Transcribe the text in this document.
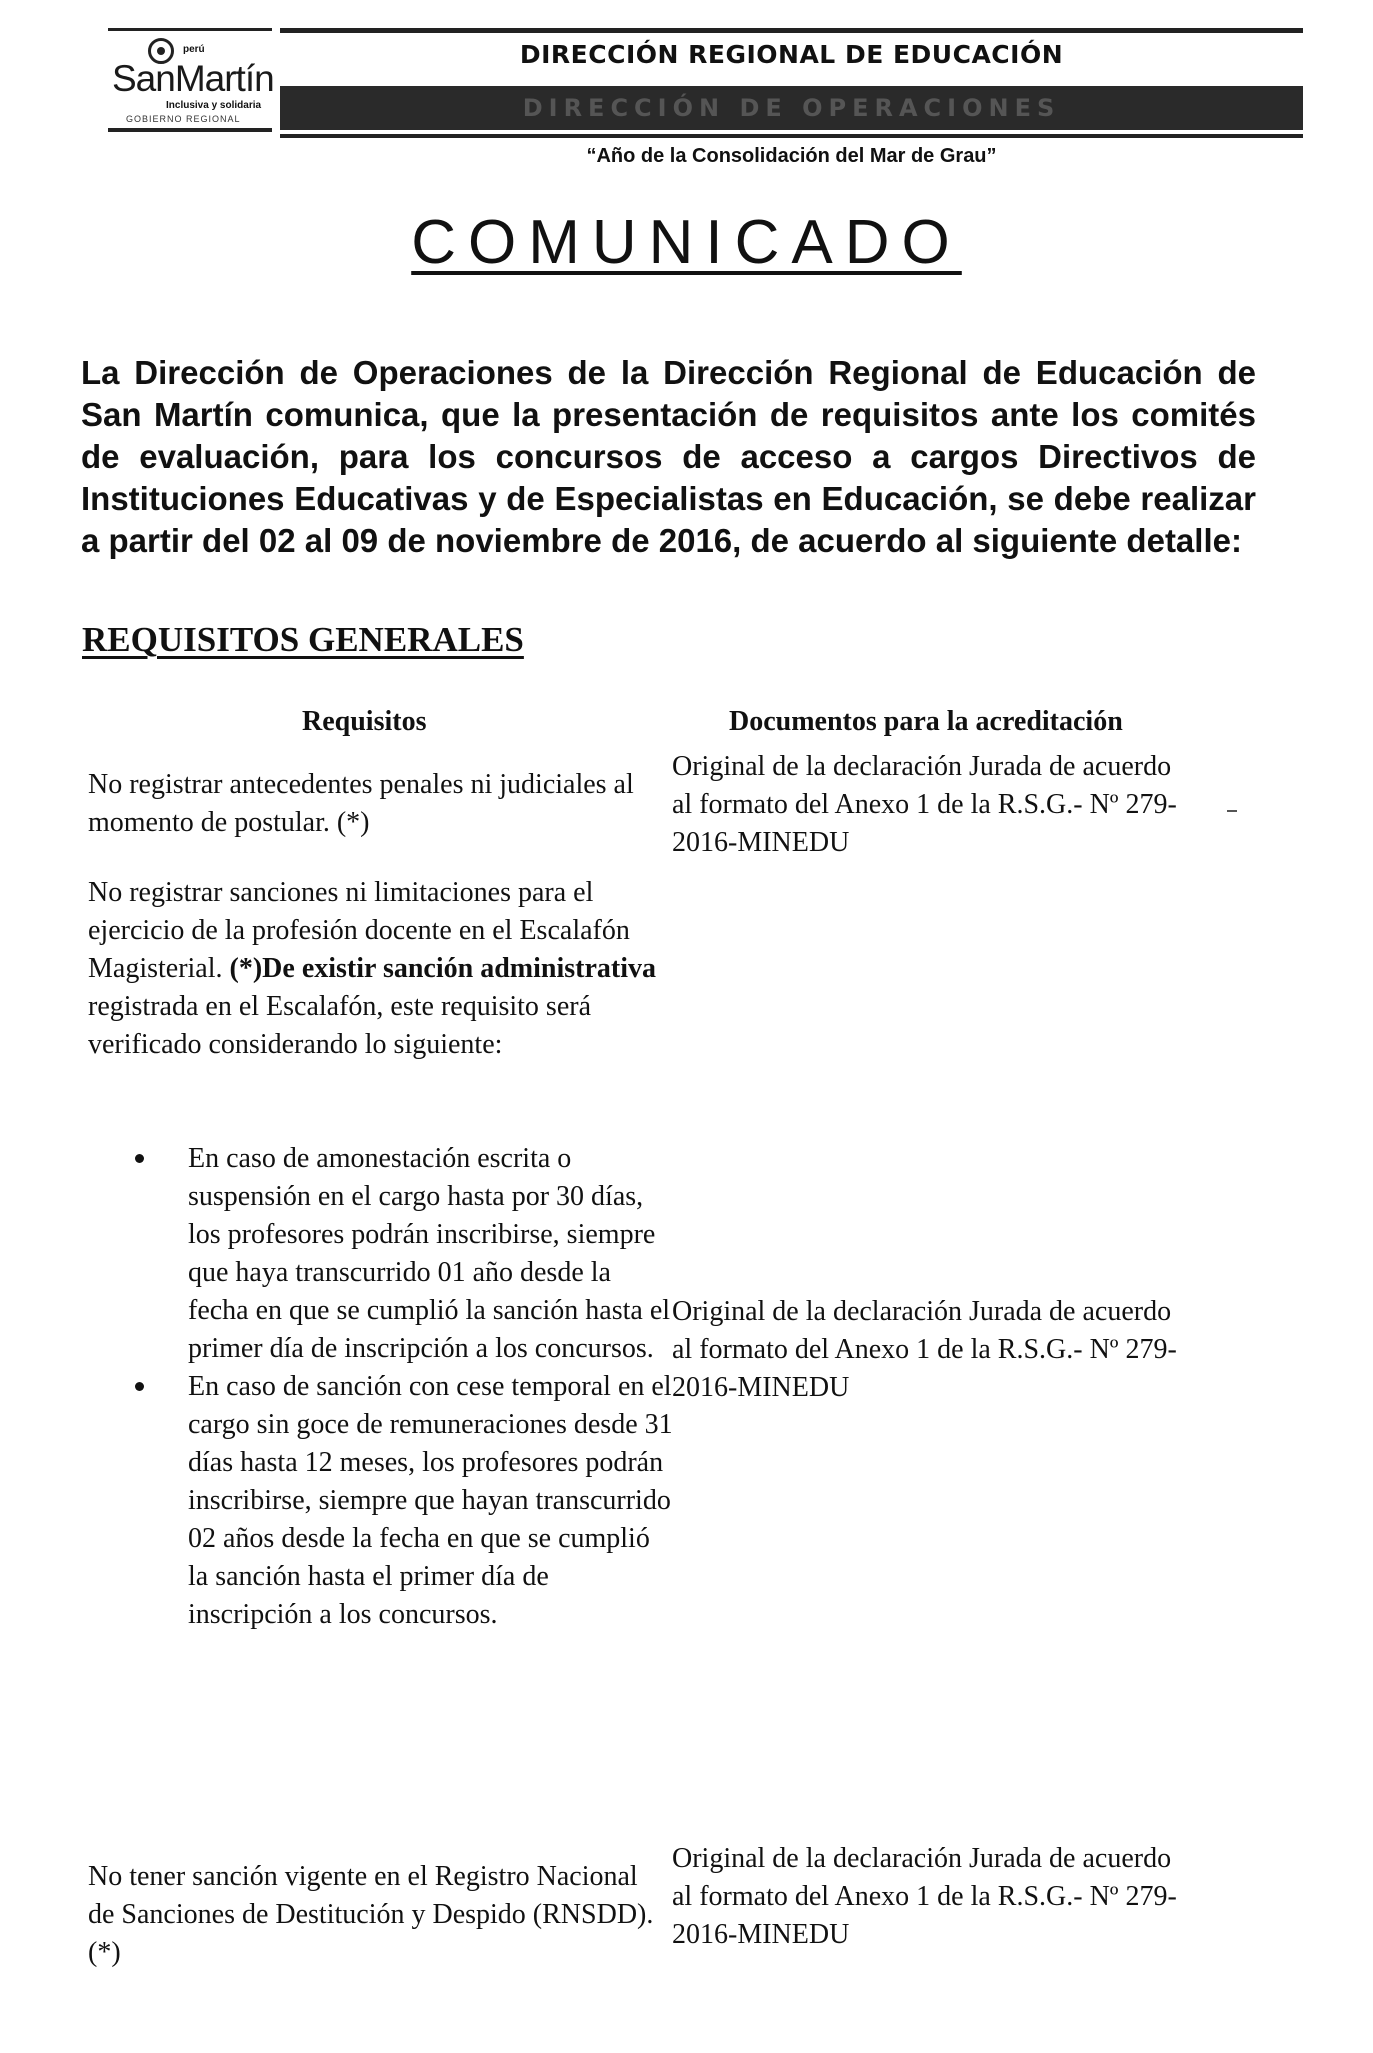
perú
SanMartín
Inclusiva y solidaria
GOBIERNO REGIONAL
DIRECCIÓN REGIONAL DE EDUCACIÓN
DIRECCIÓN DE OPERACIONES
“Año de la Consolidación del Mar de Grau”
COMUNICADO

La Dirección de Operaciones de la Dirección Regional de Educación de San Martín comunica, que la presentación de requisitos ante los comités de evaluación, para los concursos de acceso a cargos Directivos de Instituciones Educativas y de Especialistas en Educación, se debe realizar a partir del 02 al 09 de noviembre de 2016, de acuerdo al siguiente detalle:

REQUISITOS GENERALES
Requisitos	Documentos para la acreditación

No registrar antecedentes penales ni judiciales al momento de postular. (*)

Original de la declaración Jurada de acuerdo al formato del Anexo 1 de la R.S.G.- Nº 279-2016-MINEDU

No registrar sanciones ni limitaciones para el ejercicio de la profesión docente en el Escalafón Magisterial. (*)De existir sanción administrativa registrada en el Escalafón, este requisito será verificado considerando lo siguiente:

En caso de amonestación escrita o suspensión en el cargo hasta por 30 días, los profesores podrán inscribirse, siempre que haya transcurrido 01 año desde la fecha en que se cumplió la sanción hasta el primer día de inscripción a los concursos.
En caso de sanción con cese temporal en el cargo sin goce de remuneraciones desde 31 días hasta 12 meses, los profesores podrán inscribirse, siempre que hayan transcurrido 02 años desde la fecha en que se cumplió la sanción hasta el primer día de inscripción a los concursos.

Original de la declaración Jurada de acuerdo al formato del Anexo 1 de la R.S.G.- Nº 279-2016-MINEDU

No tener sanción vigente en el Registro Nacional de Sanciones de Destitución y Despido (RNSDD). (*)

Original de la declaración Jurada de acuerdo al formato del Anexo 1 de la R.S.G.- Nº 279-2016-MINEDU
